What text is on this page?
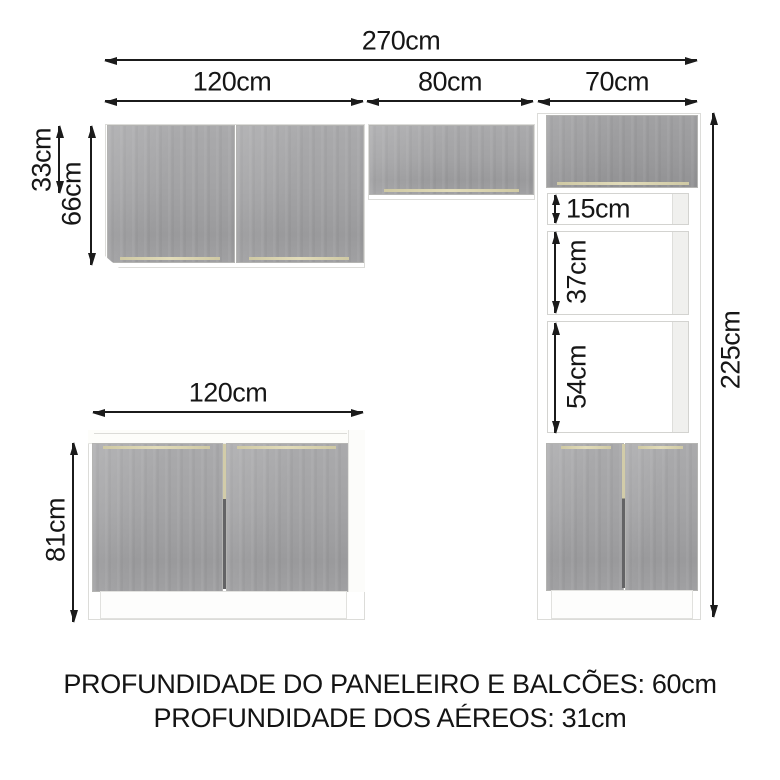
270cm
120cm	80cm	70cm
120cm
33cm
66cm
225cm
81cm
15cm
37cm
54cm
PROFUNDIDADE DO PANELEIRO E BALCÕES: 60cm
PROFUNDIDADE DOS AÉREOS: 31cm
